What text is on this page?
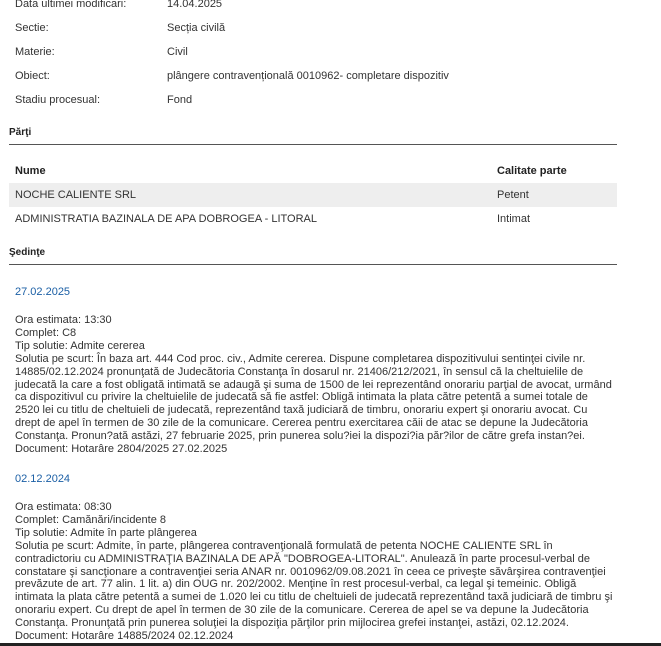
Data ultimei modificari:	14.04.2025
Sectie:	Secția civilă
Materie:	Civil
Obiect:	plângere contravențională 0010962- completare dispozitiv
Stadiu procesual:	Fond
Părţi
Nume	Calitate parte
NOCHE CALIENTE SRL	Petent
ADMINISTRATIA BAZINALA DE APA DOBROGEA - LITORAL	Intimat
Şedinţe
27.02.2025
Ora estimata: 13:30
Complet: C8
Tip solutie: Admite cererea
Solutia pe scurt: În baza art. 444 Cod proc. civ., Admite cererea. Dispune completarea dispozitivului sentinţei civile nr. 14885/02.12.2024 pronunţată de Judecătoria Constanţa în dosarul nr. 21406/212/2021, în sensul că la cheltuielile de judecată la care a fost obligată intimată se adaugă şi suma de 1500 de lei reprezentând onorariu parţial de avocat, urmând ca dispozitivul cu privire la cheltuielile de judecată să fie astfel: Obligă intimata la plata către petentă a sumei totale de 2520 lei cu titlu de cheltuieli de judecată, reprezentând taxă judiciară de timbru, onorariu expert şi onorariu avocat. Cu drept de apel în termen de 30 zile de la comunicare. Cererea pentru exercitarea căii de atac se depune la Judecătoria Constanţa. Pronun?ată astăzi, 27 februarie 2025, prin punerea solu?iei la dispozi?ia păr?ilor de către grefa instan?ei.
Document: Hotarâre 2804/2025 27.02.2025
02.12.2024
Ora estimata: 08:30
Complet: Camănări/incidente 8
Tip solutie: Admite în parte plângerea
Solutia pe scurt: Admite, în parte, plângerea contravenţională formulată de petenta NOCHE CALIENTE SRL în contradictoriu cu ADMINISTRAŢIA BAZINALA DE APĂ "DOBROGEA-LITORAL". Anulează în parte procesul-verbal de constatare şi sancţionare a contravenţiei seria ANAR nr. 0010962/09.08.2021 în ceea ce priveşte săvârşirea contravenţiei prevăzute de art. 77 alin. 1 lit. a) din OUG nr. 202/2002. Menţine în rest procesul-verbal, ca legal şi temeinic. Obligă intimata la plata către petentă a sumei de 1.020 lei cu titlu de cheltuieli de judecată reprezentând taxă judiciară de timbru şi onorariu expert. Cu drept de apel în termen de 30 zile de la comunicare. Cererea de apel se va depune la Judecătoria Constanţa. Pronunţată prin punerea soluţiei la dispoziţia părţilor prin mijlocirea grefei instanţei, astăzi, 02.12.2024.
Document: Hotarâre 14885/2024 02.12.2024
